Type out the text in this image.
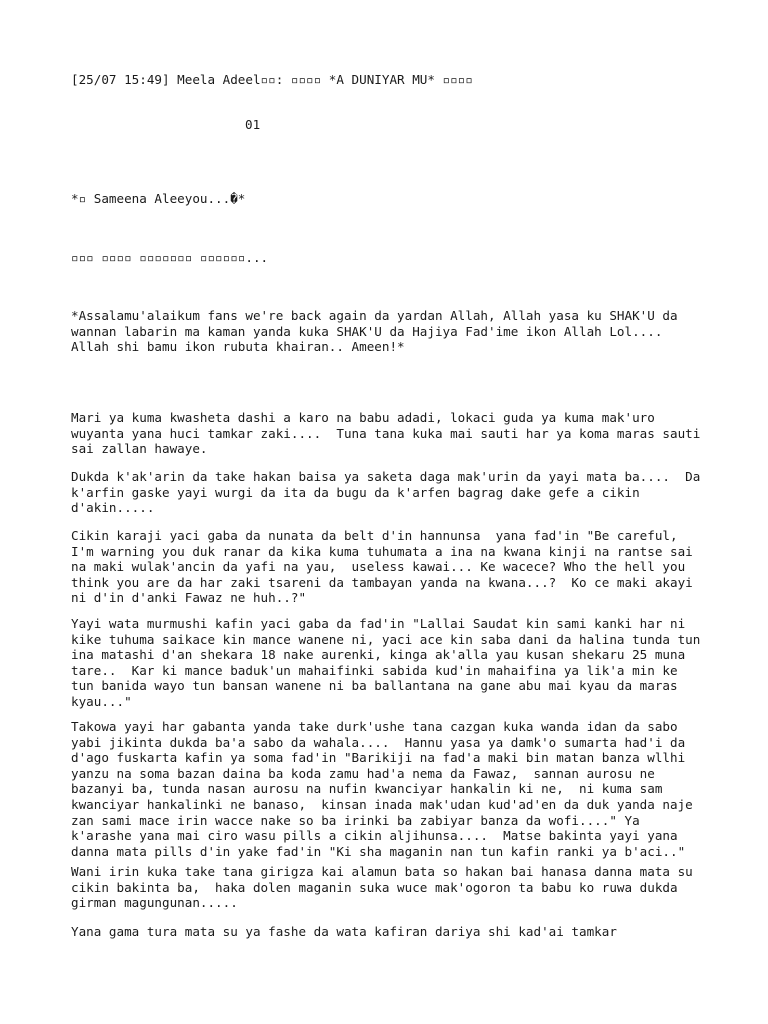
[25/07 15:49] Meela Adeel▫▫: ▫▫▫▫ *A DUNIYAR MU* ▫▫▫▫

01

*▫ Sameena Aleeyou...�*

▫▫▫ ▫▫▫▫ ▫▫▫▫▫▫▫ ▫▫▫▫▫▫...

*Assalamu'alaikum fans we're back again da yardan Allah, Allah yasa ku SHAK'U da

wannan labarin ma kaman yanda kuka SHAK'U da Hajiya Fad'ime ikon Allah Lol....

Allah shi bamu ikon rubuta khairan.. Ameen!*

Mari ya kuma kwasheta dashi a karo na babu adadi, lokaci guda ya kuma mak'uro

wuyanta yana huci tamkar zaki....  Tuna tana kuka mai sauti har ya koma maras sauti

sai zallan hawaye.

Dukda k'ak'arin da take hakan baisa ya saketa daga mak'urin da yayi mata ba....  Da

k'arfin gaske yayi wurgi da ita da bugu da k'arfen bagrag dake gefe a cikin

d'akin.....

Cikin karaji yaci gaba da nunata da belt d'in hannunsa  yana fad'in "Be careful,

I'm warning you duk ranar da kika kuma tuhumata a ina na kwana kinji na rantse sai

na maki wulak'ancin da yafi na yau,  useless kawai... Ke wacece? Who the hell you

think you are da har zaki tsareni da tambayan yanda na kwana...?  Ko ce maki akayi

ni d'in d'anki Fawaz ne huh..?"

Yayi wata murmushi kafin yaci gaba da fad'in "Lallai Saudat kin sami kanki har ni

kike tuhuma saikace kin mance wanene ni, yaci ace kin saba dani da halina tunda tun

ina matashi d'an shekara 18 nake aurenki, kinga ak'alla yau kusan shekaru 25 muna

tare..  Kar ki mance baduk'un mahaifinki sabida kud'in mahaifina ya lik'a min ke

tun banida wayo tun bansan wanene ni ba ballantana na gane abu mai kyau da maras

kyau..."

Takowa yayi har gabanta yanda take durk'ushe tana cazgan kuka wanda idan da sabo

yabi jikinta dukda ba'a sabo da wahala....  Hannu yasa ya damk'o sumarta had'i da

d'ago fuskarta kafin ya soma fad'in "Barikiji na fad'a maki bin matan banza wllhi

yanzu na soma bazan daina ba koda zamu had'a nema da Fawaz,  sannan aurosu ne

bazanyi ba, tunda nasan aurosu na nufin kwanciyar hankalin ki ne,  ni kuma sam

kwanciyar hankalinki ne banaso,  kinsan inada mak'udan kud'ad'en da duk yanda naje

zan sami mace irin wacce nake so ba irinki ba zabiyar banza da wofi...." Ya

k'arashe yana mai ciro wasu pills a cikin aljihunsa....  Matse bakinta yayi yana

danna mata pills d'in yake fad'in "Ki sha maganin nan tun kafin ranki ya b'aci.."

Wani irin kuka take tana girigza kai alamun bata so hakan bai hanasa danna mata su

cikin bakinta ba,  haka dolen maganin suka wuce mak'ogoron ta babu ko ruwa dukda

girman magungunan.....

Yana gama tura mata su ya fashe da wata kafiran dariya shi kad'ai tamkar
